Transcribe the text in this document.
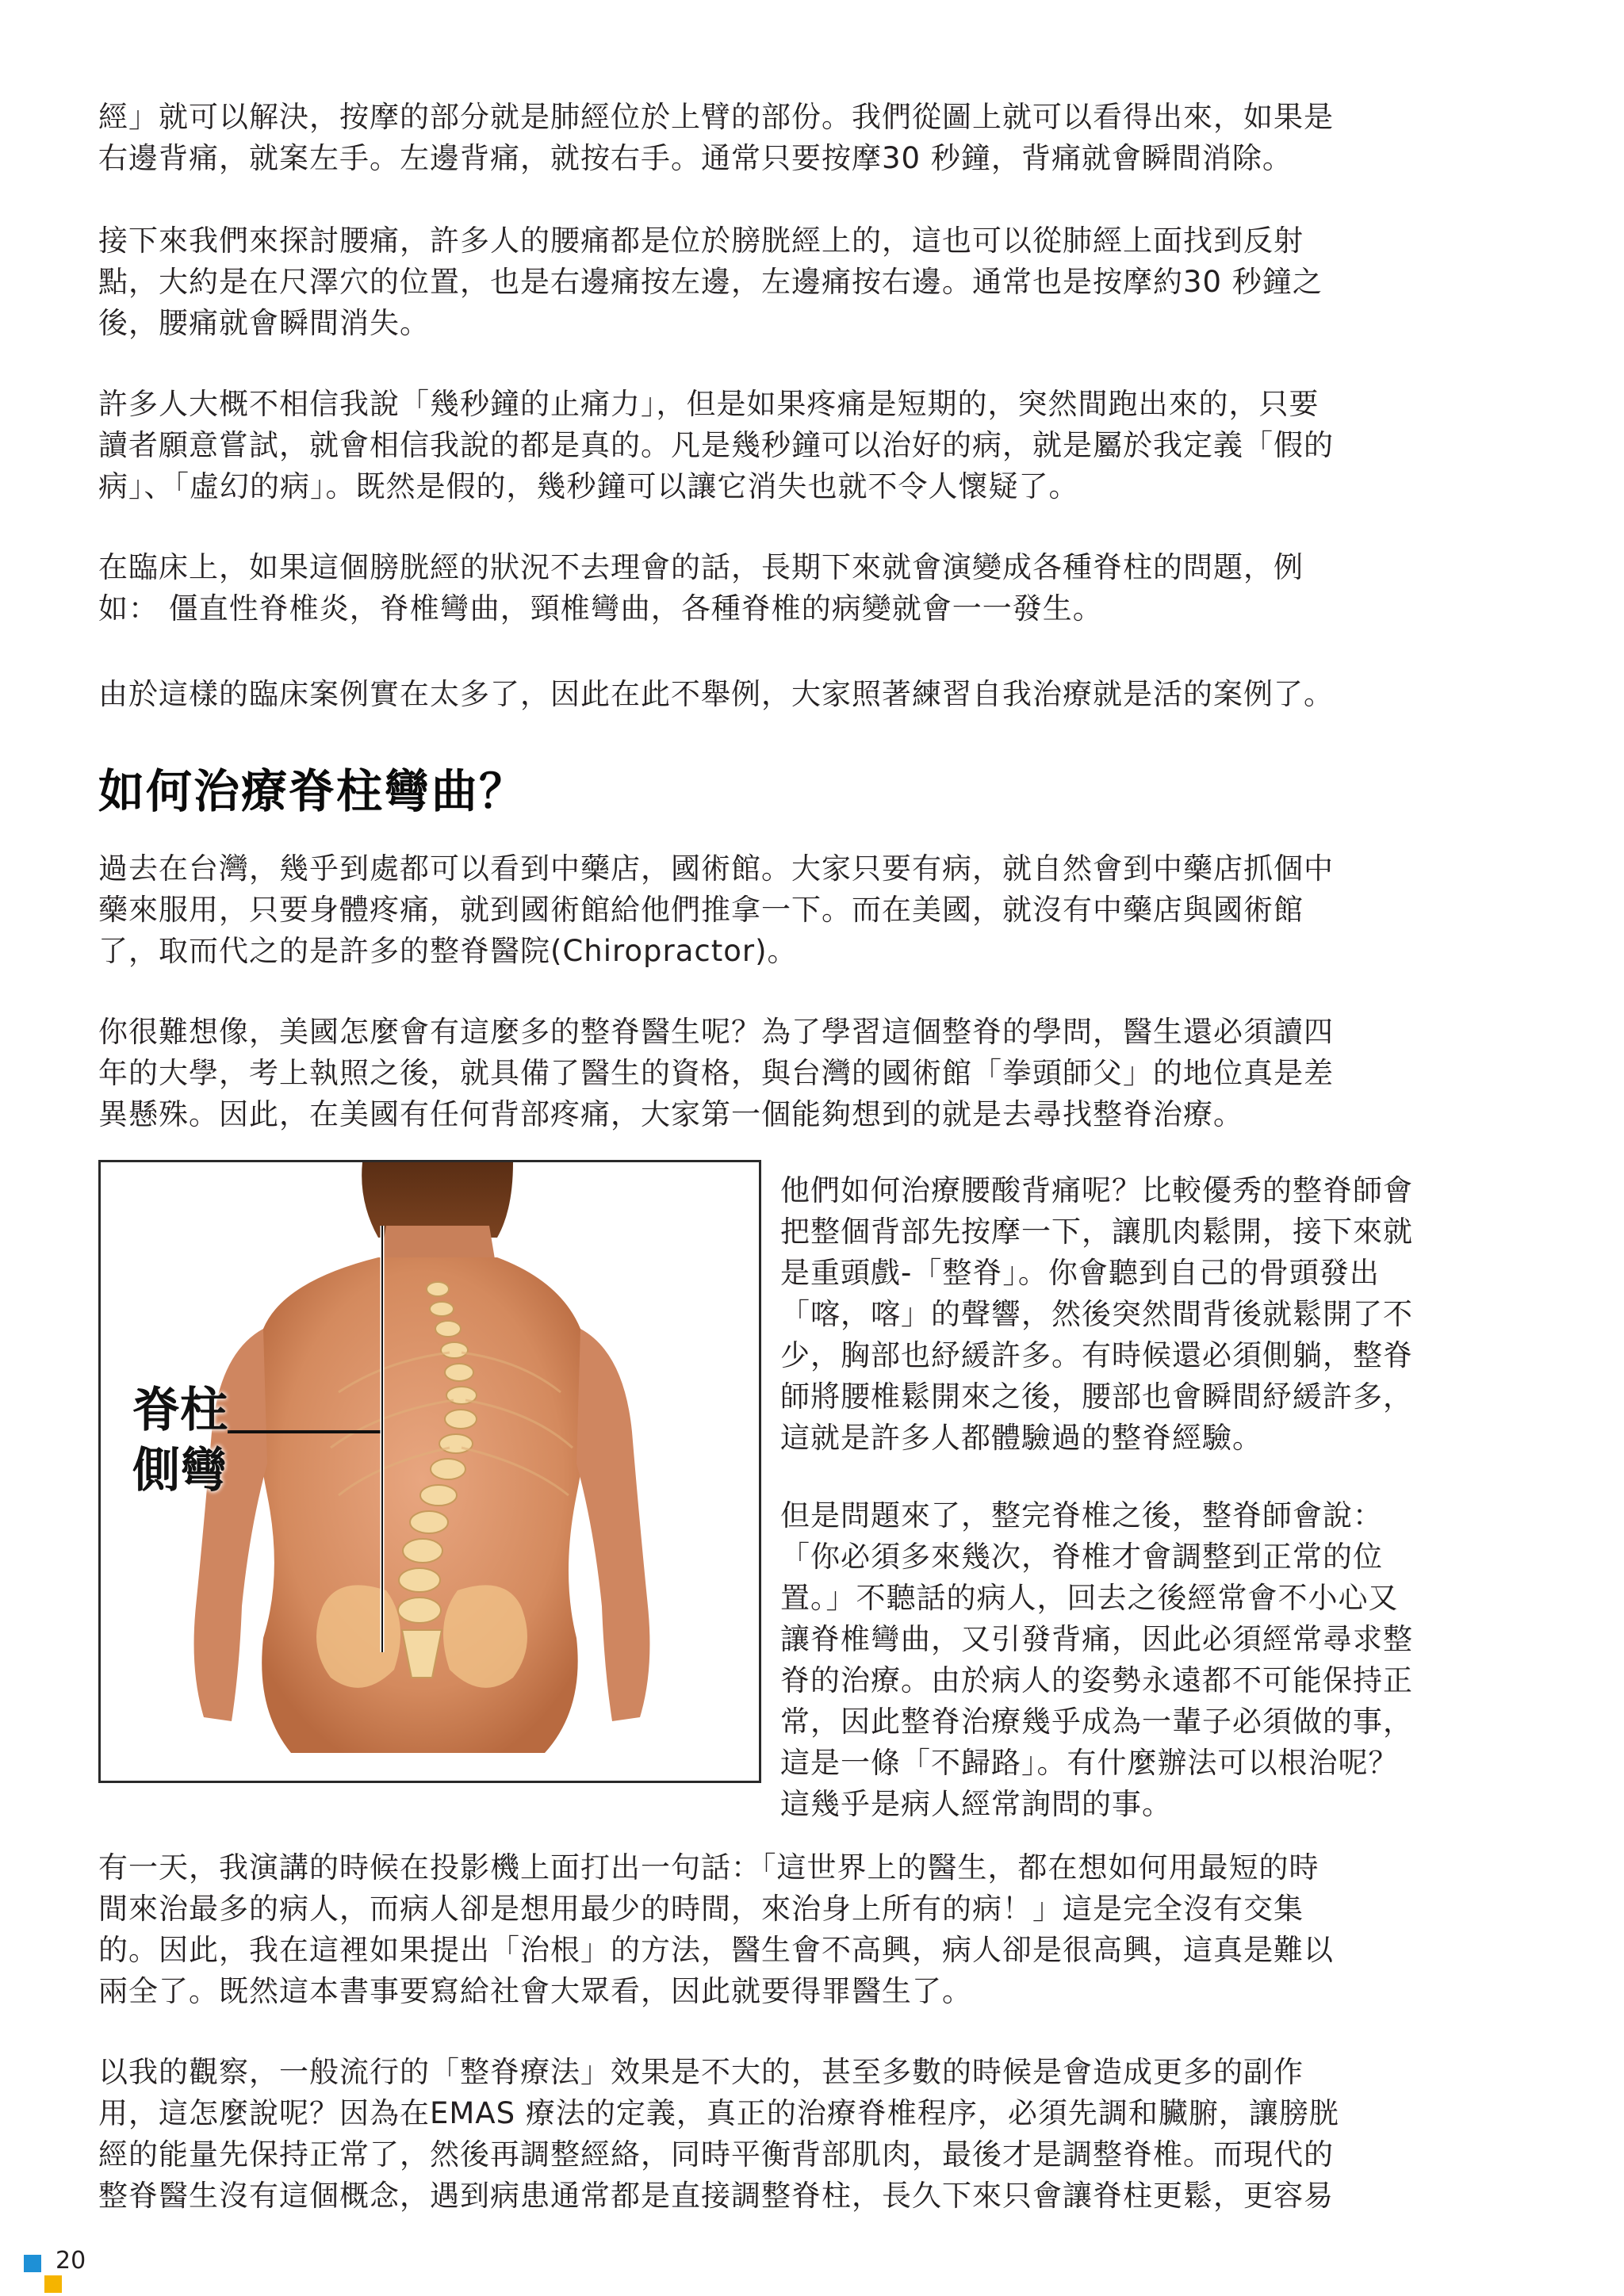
經」就可以解決，按摩的部分就是肺經位於上臂的部份。我們從圖上就可以看得出來，如果是
右邊背痛，就案左手。左邊背痛，就按右手。通常只要按摩30 秒鐘，背痛就會瞬間消除。

接下來我們來探討腰痛，許多人的腰痛都是位於膀胱經上的，這也可以從肺經上面找到反射
點，大約是在尺澤穴的位置，也是右邊痛按左邊，左邊痛按右邊。通常也是按摩約30 秒鐘之
後，腰痛就會瞬間消失。

許多人大概不相信我說「幾秒鐘的止痛力」，但是如果疼痛是短期的，突然間跑出來的，只要
讀者願意嘗試，就會相信我說的都是真的。凡是幾秒鐘可以治好的病，就是屬於我定義「假的
病」、「虛幻的病」。既然是假的，幾秒鐘可以讓它消失也就不令人懷疑了。

在臨床上，如果這個膀胱經的狀況不去理會的話，長期下來就會演變成各種脊柱的問題，例
如： 僵直性脊椎炎，脊椎彎曲，頸椎彎曲，各種脊椎的病變就會一一發生。

由於這樣的臨床案例實在太多了，因此在此不舉例，大家照著練習自我治療就是活的案例了。

如何治療脊柱彎曲？

過去在台灣，幾乎到處都可以看到中藥店，國術館。大家只要有病，就自然會到中藥店抓個中
藥來服用，只要身體疼痛，就到國術館給他們推拿一下。而在美國，就沒有中藥店與國術館
了，取而代之的是許多的整脊醫院(Chiropractor)。

你很難想像，美國怎麼會有這麼多的整脊醫生呢？為了學習這個整脊的學問，醫生還必須讀四
年的大學，考上執照之後，就具備了醫生的資格，與台灣的國術館「拳頭師父」的地位真是差
異懸殊。因此，在美國有任何背部疼痛，大家第一個能夠想到的就是去尋找整脊治療。

脊柱
側彎

他們如何治療腰酸背痛呢？比較優秀的整脊師會
把整個背部先按摩一下，讓肌肉鬆開，接下來就
是重頭戲-「整脊」。你會聽到自己的骨頭發出
「喀，喀」的聲響，然後突然間背後就鬆開了不
少，胸部也紓緩許多。有時候還必須側躺，整脊
師將腰椎鬆開來之後，腰部也會瞬間紓緩許多，
這就是許多人都體驗過的整脊經驗。

但是問題來了，整完脊椎之後，整脊師會說：
「你必須多來幾次，脊椎才會調整到正常的位
置。」不聽話的病人，回去之後經常會不小心又
讓脊椎彎曲，又引發背痛，因此必須經常尋求整
脊的治療。由於病人的姿勢永遠都不可能保持正
常，因此整脊治療幾乎成為一輩子必須做的事，
這是一條「不歸路」。有什麼辦法可以根治呢？
這幾乎是病人經常詢問的事。

有一天，我演講的時候在投影機上面打出一句話：「這世界上的醫生，都在想如何用最短的時
間來治最多的病人，而病人卻是想用最少的時間，來治身上所有的病！」這是完全沒有交集
的。因此，我在這裡如果提出「治根」的方法，醫生會不高興，病人卻是很高興，這真是難以
兩全了。既然這本書事要寫給社會大眾看，因此就要得罪醫生了。

以我的觀察，一般流行的「整脊療法」效果是不大的，甚至多數的時候是會造成更多的副作
用，這怎麼說呢？因為在EMAS 療法的定義，真正的治療脊椎程序，必須先調和臟腑，讓膀胱
經的能量先保持正常了，然後再調整經絡，同時平衡背部肌肉，最後才是調整脊椎。而現代的
整脊醫生沒有這個概念，遇到病患通常都是直接調整脊柱，長久下來只會讓脊柱更鬆，更容易

20
